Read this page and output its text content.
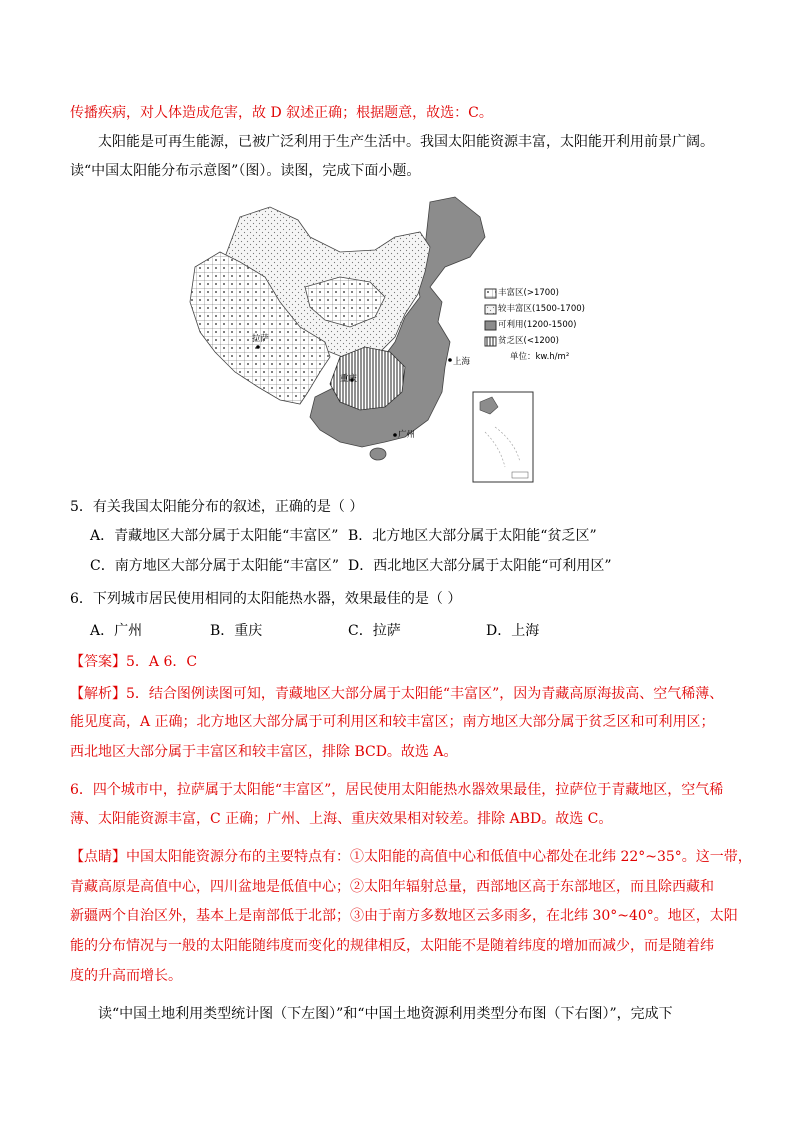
传播疾病，对人体造成危害，故 D 叙述正确；根据题意，故选：C。
太阳能是可再生能源，已被广泛利用于生产生活中。我国太阳能资源丰富，太阳能开利用前景广阔。
读“中国太阳能分布示意图”（图）。读图，完成下面小题。
丰富区(>1700)
较丰富区(1500-1700)
可利用(1200-1500)
贫乏区(<1200)
单位：kw.h/m²
拉萨
重庆
广州
上海
5．有关我国太阳能分布的叙述，正确的是（ ）
A．青藏地区大部分属于太阳能“丰富区” B．北方地区大部分属于太阳能“贫乏区”
C．南方地区大部分属于太阳能“丰富区” D．西北地区大部分属于太阳能“可利用区”
6．下列城市居民使用相同的太阳能热水器，效果最佳的是（ ）
A．广州	B．重庆	C．拉萨	D．上海
【答案】5．A 6．C
【解析】5．结合图例读图可知，青藏地区大部分属于太阳能“丰富区”，因为青藏高原海拔高、空气稀薄、
能见度高，A 正确；北方地区大部分属于可利用区和较丰富区；南方地区大部分属于贫乏区和可利用区；
西北地区大部分属于丰富区和较丰富区，排除 BCD。故选 A。
6．四个城市中，拉萨属于太阳能“丰富区”，居民使用太阳能热水器效果最佳，拉萨位于青藏地区，空气稀
薄、太阳能资源丰富，C 正确；广州、上海、重庆效果相对较差。排除 ABD。故选 C。
【点睛】中国太阳能资源分布的主要特点有：①太阳能的高值中心和低值中心都处在北纬 22°~35°。这一带，
青藏高原是高值中心，四川盆地是低值中心；②太阳年辐射总量，西部地区高于东部地区，而且除西藏和
新疆两个自治区外，基本上是南部低于北部；③由于南方多数地区云多雨多，在北纬 30°~40°。地区，太阳
能的分布情况与一般的太阳能随纬度而变化的规律相反，太阳能不是随着纬度的增加而减少，而是随着纬
度的升高而增长。
读“中国土地利用类型统计图（下左图）”和“中国土地资源利用类型分布图（下右图）”，完成下
